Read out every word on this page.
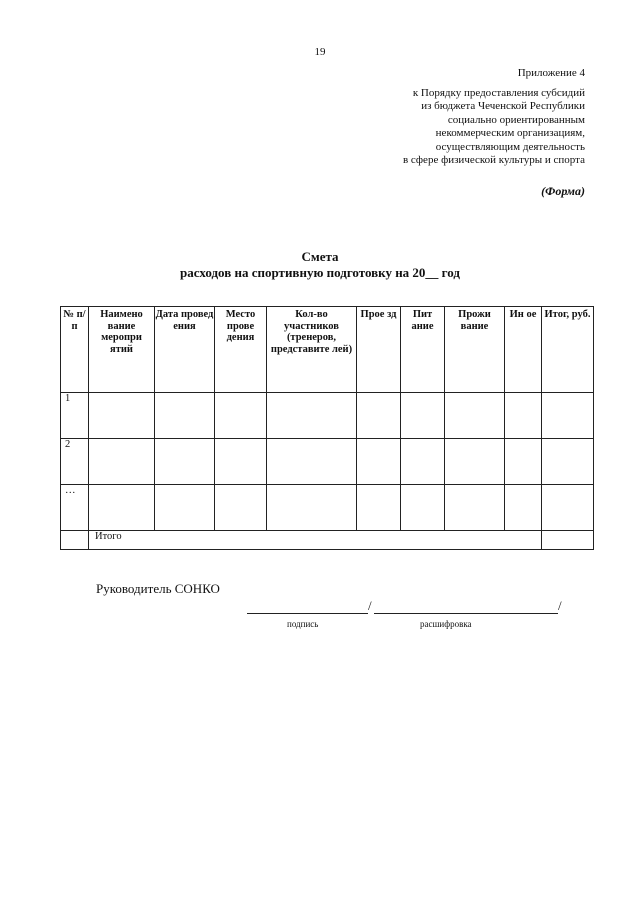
19
Приложение 4
к Порядку предоставления субсидий
из бюджета Чеченской Республики
социально ориентированным
некоммерческим организациям,
осуществляющим деятельность
в сфере физической культуры и спорта
(Форма)
Смета
расходов на спортивную подготовку на 20__ год
№ п/ п	Наимено вание меропри ятий	Дата провед ения	Место прове дения	Кол-во участников (тренеров, представите лей)	Прое зд	Пит ание	Прожи вание	Ин ое	Итог, руб.
1									
2									
…									
	Итого								
Руководитель СОНКО
/	/
подпись	расшифровка
